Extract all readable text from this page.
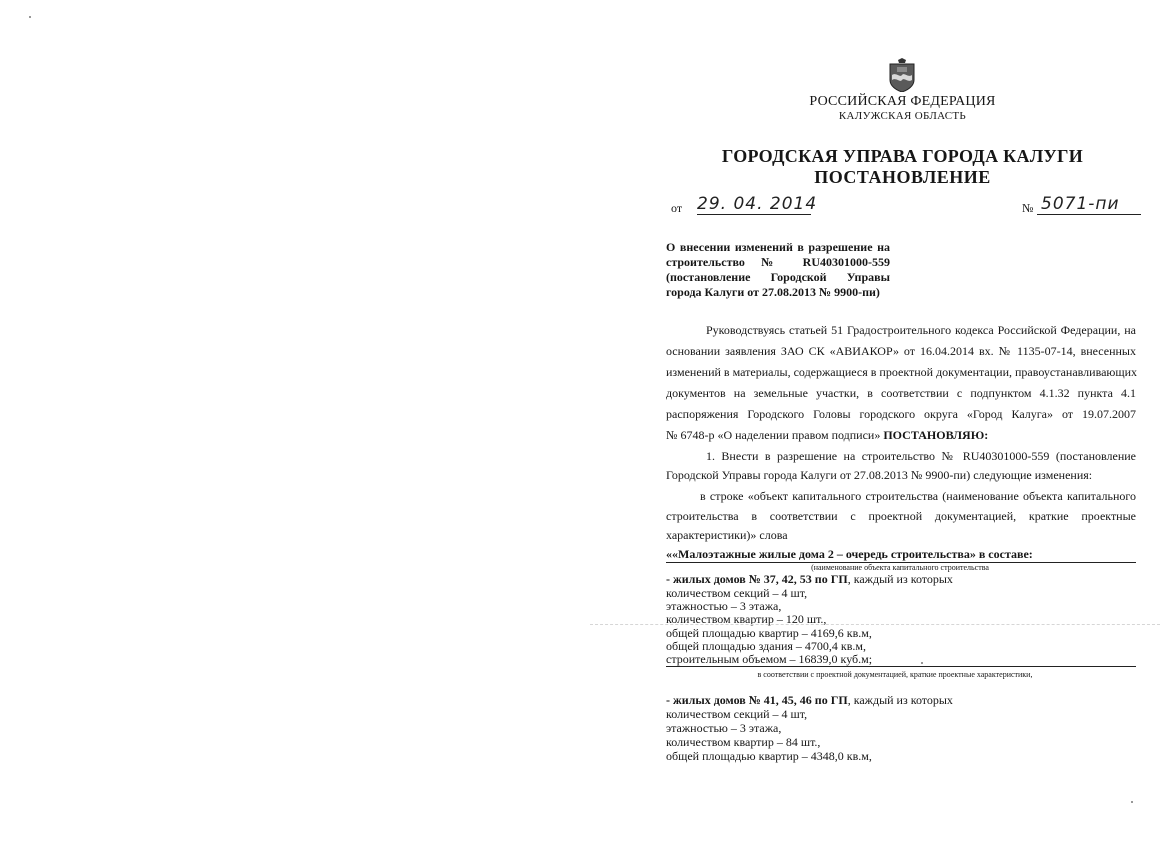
РОССИЙСКАЯ ФЕДЕРАЦИЯ
КАЛУЖСКАЯ ОБЛАСТЬ
ГОРОДСКАЯ УПРАВА ГОРОДА КАЛУГИ
ПОСТАНОВЛЕНИЕ
от 29. 04. 2014	№ 5071-пи
О внесении изменений в разрешение на
строительство № RU40301000-559
(постановление Городской Управы
города Калуги от 27.08.2013 № 9900-пи)
Руководствуясь статьей 51 Градостроительного кодекса Российской Федерации, на
основании заявления ЗАО СК «АВИАКОР» от 16.04.2014 вх. № 1135-07-14, внесенных
изменений в материалы, содержащиеся в проектной документации, правоустанавливающих
документов на земельные участки, в соответствии с подпунктом 4.1.32 пункта 4.1
распоряжения Городского Головы городского округа «Город Калуга» от 19.07.2007
№ 6748-р «О наделении правом подписи» ПОСТАНОВЛЯЮ:
1. Внести в разрешение на строительство № RU40301000-559 (постановление
Городской Управы города Калуги от 27.08.2013 № 9900-пи) следующие изменения:
в строке «объект капитального строительства (наименование объекта капитального
строительства в соответствии с проектной документацией, краткие проектные
характеристики)» слова
««Малоэтажные жилые дома 2 – очередь строительства» в составе:
(наименование объекта капитального строительства
- жилых домов № 37, 42, 53 по ГП, каждый из которых
количеством секций – 4 шт,
этажностью – 3 этажа,
количеством квартир – 120 шт.,
общей площадью квартир – 4169,6 кв.м,
общей площадью здания – 4700,4 кв.м,
строительным объемом – 16839,0 куб.м;
в соответствии с проектной документацией, краткие проектные характеристики,
- жилых домов № 41, 45, 46 по ГП, каждый из которых
количеством секций – 4 шт,
этажностью – 3 этажа,
количеством квартир – 84 шт.,
общей площадью квартир – 4348,0 кв.м,
